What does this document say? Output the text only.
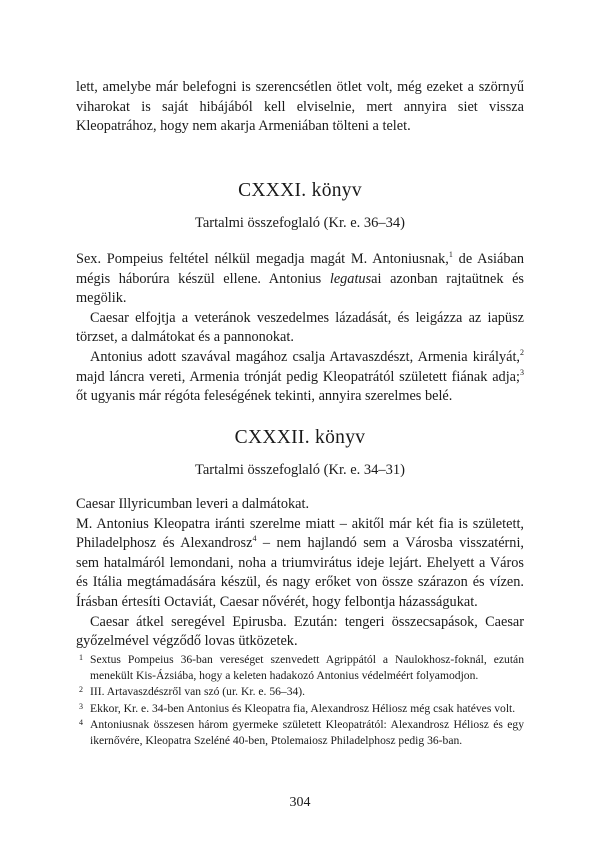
lett, amelybe már belefogni is szerencsétlen ötlet volt, még ezeket a szörnyű viharokat is saját hibájából kell elviselnie, mert annyira siet vissza Kleopatrához, hogy nem akarja Armeniában tölteni a telet.

CXXXI. könyv
Tartalmi összefoglaló (Kr. e. 36–34)

Sex. Pompeius feltétel nélkül megadja magát M. Antoniusnak,$^1$ de Asiában mégis háborúra készül ellene. Antonius legatusai azonban rajtaütnek és megölik.

Caesar elfojtja a veteránok veszedelmes lázadását, és leigázza az iapüsz törzset, a dalmátokat és a pannonokat.

Antonius adott szavával magához csalja Artavaszdészt, Armenia királyát,$^2$ majd láncra vereti, Armenia trónját pedig Kleopatrától született fiának adja;$^3$ őt ugyanis már régóta feleségének tekinti, annyira szerelmes belé.

CXXXII. könyv
Tartalmi összefoglaló (Kr. e. 34–31)

Caesar Illyricumban leveri a dalmátokat.

M. Antonius Kleopatra iránti szerelme miatt – akitől már két fia is született, Philadelphosz és Alexandrosz$^4$ – nem hajlandó sem a Városba visszatérni, sem hatalmáról lemondani, noha a triumvirátus ideje lejárt. Ehelyett a Város és Itália megtámadására készül, és nagy erőket von össze szárazon és vízen. Írásban értesíti Octaviát, Caesar nővérét, hogy felbontja házasságukat.

Caesar átkel seregével Epirusba. Ezután: tengeri összecsapások, Caesar győzelmével végződő lovas ütközetek.

1 Sextus Pompeius 36-ban vereséget szenvedett Agrippától a Naulokhosz-foknál, ezután menekült Kis-Ázsiába, hogy a keleten hadakozó Antonius védelméért folyamodjon.
2 III. Artavaszdészről van szó (ur. Kr. e. 56–34).
3 Ekkor, Kr. e. 34-ben Antonius és Kleopatra fia, Alexandrosz Héliosz még csak hatéves volt.
4 Antoniusnak összesen három gyermeke született Kleopatrától: Alexandrosz Héliosz és egy ikernővére, Kleopatra Szeléné 40-ben, Ptolemaiosz Philadelphosz pedig 36-ban.
304
